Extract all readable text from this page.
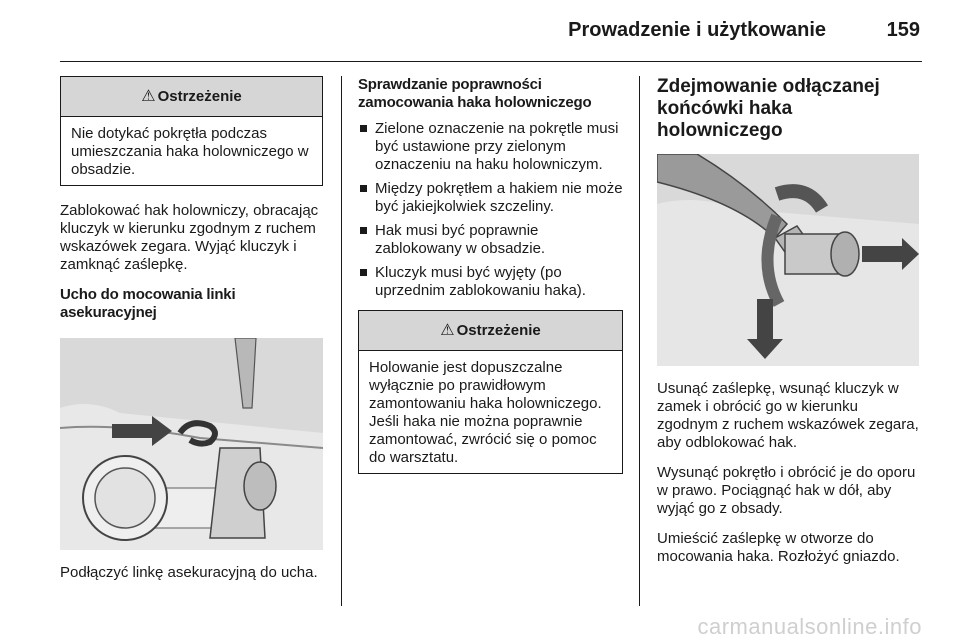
Prowadzenie i użytkowanie	159
⚠ Ostrzeżenie
Nie dotykać pokrętła podczas umieszczania haka holowniczego w obsadzie.

Zablokować hak holowniczy, obracając kluczyk w kierunku zgodnym z ruchem wskazówek zegara. Wyjąć kluczyk i zamknąć zaślepkę.

Ucho do mocowania linki asekuracyjnej

Podłączyć linkę asekuracyjną do ucha.

Sprawdzanie poprawności zamocowania haka holowniczego
Zielone oznaczenie na pokrętle musi być ustawione przy zielonym oznaczeniu na haku holowniczym.
Między pokrętłem a hakiem nie może być jakiejkolwiek szczeliny.
Hak musi być poprawnie zablokowany w obsadzie.
Kluczyk musi być wyjęty (po uprzednim zablokowaniu haka).
⚠ Ostrzeżenie
Holowanie jest dopuszczalne wyłącznie po prawidłowym zamontowaniu haka holowniczego. Jeśli haka nie można poprawnie zamontować, zwrócić się o pomoc do warsztatu.
Zdejmowanie odłączanej końcówki haka holowniczego

Usunąć zaślepkę, wsunąć kluczyk w zamek i obrócić go w kierunku zgodnym z ruchem wskazówek zegara, aby odblokować hak.

Wysunąć pokrętło i obrócić je do oporu w prawo. Pociągnąć hak w dół, aby wyjąć go z obsady.

Umieścić zaślepkę w otworze do mocowania haka. Rozłożyć gniazdo.

carmanualsonline.info
